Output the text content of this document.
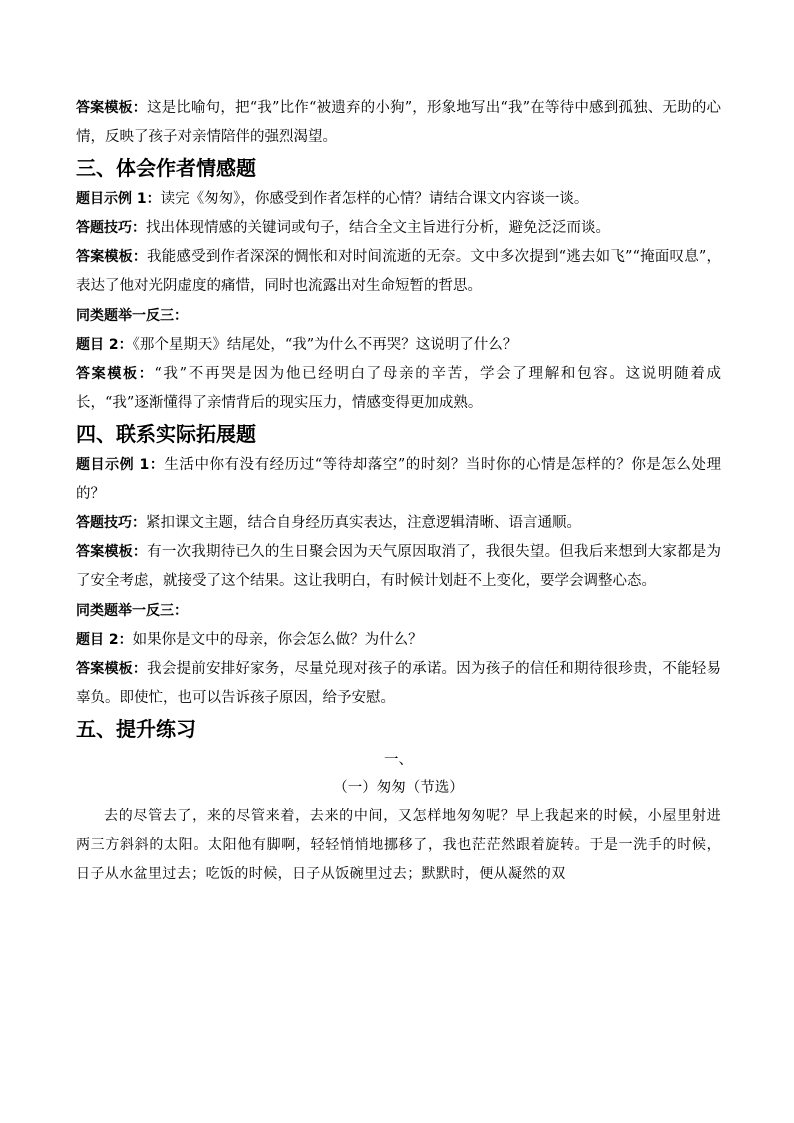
答案模板：这是比喻句，把“我”比作“被遗弃的小狗”，形象地写出“我”在等待中感到孤独、无助的心情，反映了孩子对亲情陪伴的强烈渴望。

三、体会作者情感题

题目示例 1：读完《匆匆》，你感受到作者怎样的心情？请结合课文内容谈一谈。

答题技巧：找出体现情感的关键词或句子，结合全文主旨进行分析，避免泛泛而谈。

答案模板：我能感受到作者深深的惆怅和对时间流逝的无奈。文中多次提到“逃去如飞”“掩面叹息”，表达了他对光阴虚度的痛惜，同时也流露出对生命短暂的哲思。

同类题举一反三：

题目 2：《那个星期天》结尾处，“我”为什么不再哭？这说明了什么？

答案模板：“我”不再哭是因为他已经明白了母亲的辛苦，学会了理解和包容。这说明随着成长，“我”逐渐懂得了亲情背后的现实压力，情感变得更加成熟。

四、联系实际拓展题

题目示例 1：生活中你有没有经历过“等待却落空”的时刻？当时你的心情是怎样的？你是怎么处理的？

答题技巧：紧扣课文主题，结合自身经历真实表达，注意逻辑清晰、语言通顺。

答案模板：有一次我期待已久的生日聚会因为天气原因取消了，我很失望。但我后来想到大家都是为了安全考虑，就接受了这个结果。这让我明白，有时候计划赶不上变化，要学会调整心态。

同类题举一反三：

题目 2：如果你是文中的母亲，你会怎么做？为什么？

答案模板：我会提前安排好家务，尽量兑现对孩子的承诺。因为孩子的信任和期待很珍贵，不能轻易辜负。即使忙，也可以告诉孩子原因，给予安慰。

五、提升练习

一、

（一）匆匆（节选）

去的尽管去了，来的尽管来着，去来的中间，又怎样地匆匆呢？早上我起来的时候，小屋里射进两三方斜斜的太阳。太阳他有脚啊，轻轻悄悄地挪移了，我也茫茫然跟着旋转。于是一洗手的时候，日子从水盆里过去；吃饭的时候，日子从饭碗里过去；默默时，便从凝然的双
